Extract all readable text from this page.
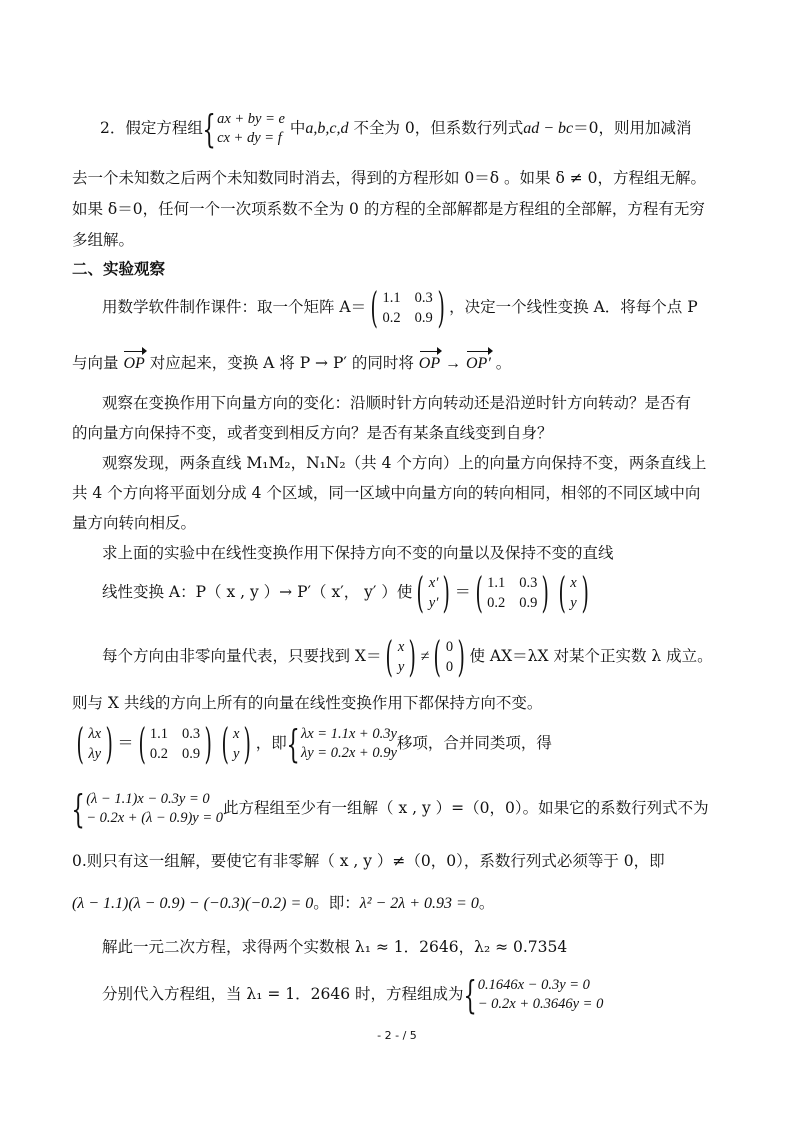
2．假定方程组{ ax + by = e
cx + dy = f
中a,b,c,d 不全为 0，但系数行列式ad − bc＝0，则用加减消
去一个未知数之后两个未知数同时消去，得到的方程形如 0＝δ 。如果 δ ≠ 0，方程组无解。
如果 δ＝0，任何一个一次项系数不全为 0 的方程的全部解都是方程组的全部解，方程有无穷
多组解。
二、实验观察
用数学软件制作课件：取一个矩阵 A＝ ( 1.1 0.3
0.2 0.9 ) ，决定一个线性变换 A．将每个点 P
与向量 OP 对应起来，变换 A 将 P → P′ 的同时将 OP → OP′ 。
观察在变换作用下向量方向的变化：沿顺时针方向转动还是沿逆时针方向转动？是否有
的向量方向保持不变，或者变到相反方向？是否有某条直线变到自身？
观察发现，两条直线 M₁M₂，N₁N₂（共 4 个方向）上的向量方向保持不变，两条直线上
共 4 个方向将平面划分成 4 个区域，同一区域中向量方向的转向相同，相邻的不同区域中向
量方向转向相反。
求上面的实验中在线性变换作用下保持方向不变的向量以及保持不变的直线
线性变换 A：P（ x , y ）→ P′（ x′， y′ ）使 ( x′
y′ ) ＝ ( 1.1 0.3
0.2 0.9 ) ( x
y )
每个方向由非零向量代表，只要找到 X＝ ( x
y ) ≠ ( 0
0 ) 使 AX＝λX 对某个正实数 λ 成立。
则与 X 共线的方向上所有的向量在线性变换作用下都保持方向不变。
( λx
λy ) ＝ ( 1.1 0.3
0.2 0.9 ) ( x
y ) ，即{ λx = 1.1x + 0.3y
λy = 0.2x + 0.9y
移项，合并同类项，得
{ (λ − 1.1)x − 0.3y = 0
− 0.2x + (λ − 0.9)y = 0
此方程组至少有一组解（ x , y ）=（0，0）。如果它的系数行列式不为
0.则只有这一组解，要使它有非零解（ x , y ）≠（0，0），系数行列式必须等于 0，即
(λ − 1.1)(λ − 0.9) − (−0.3)(−0.2) = 0。即：λ² − 2λ + 0.93 = 0。
解此一元二次方程，求得两个实数根 λ₁ ≈ 1．2646，λ₂ ≈ 0.7354
分别代入方程组，当 λ₁ = 1．2646 时，方程组成为{ 0.1646x − 0.3y = 0
− 0.2x + 0.3646y = 0
- 2 - / 5
